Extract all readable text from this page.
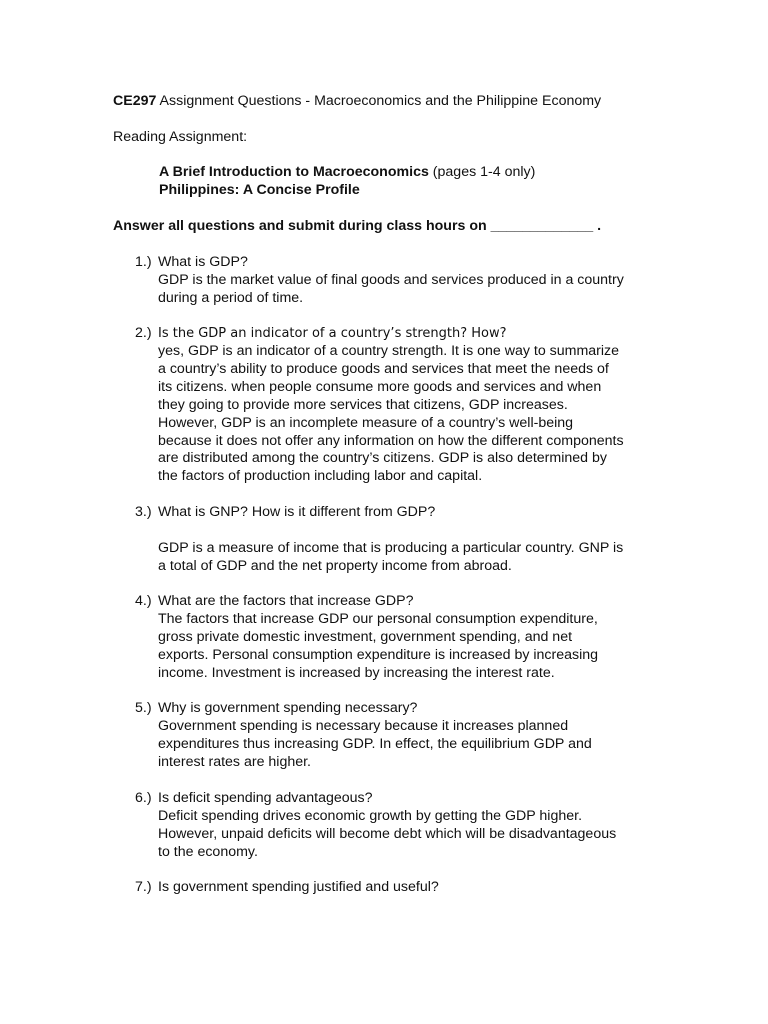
CE297 Assignment Questions - Macroeconomics and the Philippine Economy
Reading Assignment:
A Brief Introduction to Macroeconomics (pages 1-4 only)
Philippines: A Concise Profile
Answer all questions and submit during class hours on _____________ .
1.) What is GDP?

GDP is the market value of final goods and services produced in a country

during a period of time.

2.) Is the GDP an indicator of a country’s strength? How?

yes, GDP is an indicator of a country strength. It is one way to summarize

a country’s ability to produce goods and services that meet the needs of

its citizens. when people consume more goods and services and when

they going to provide more services that citizens, GDP increases.

However, GDP is an incomplete measure of a country’s well-being

because it does not offer any information on how the different components

are distributed among the country’s citizens. GDP is also determined by

the factors of production including labor and capital.

3.) What is GNP? How is it different from GDP?

GDP is a measure of income that is producing a particular country. GNP is

a total of GDP and the net property income from abroad.

4.) What are the factors that increase GDP?

The factors that increase GDP our personal consumption expenditure,

gross private domestic investment, government spending, and net

exports. Personal consumption expenditure is increased by increasing

income. Investment is increased by increasing the interest rate.

5.) Why is government spending necessary?

Government spending is necessary because it increases planned

expenditures thus increasing GDP. In effect, the equilibrium GDP and

interest rates are higher.

6.) Is deficit spending advantageous?

Deficit spending drives economic growth by getting the GDP higher.

However, unpaid deficits will become debt which will be disadvantageous

to the economy.

7.) Is government spending justified and useful?
